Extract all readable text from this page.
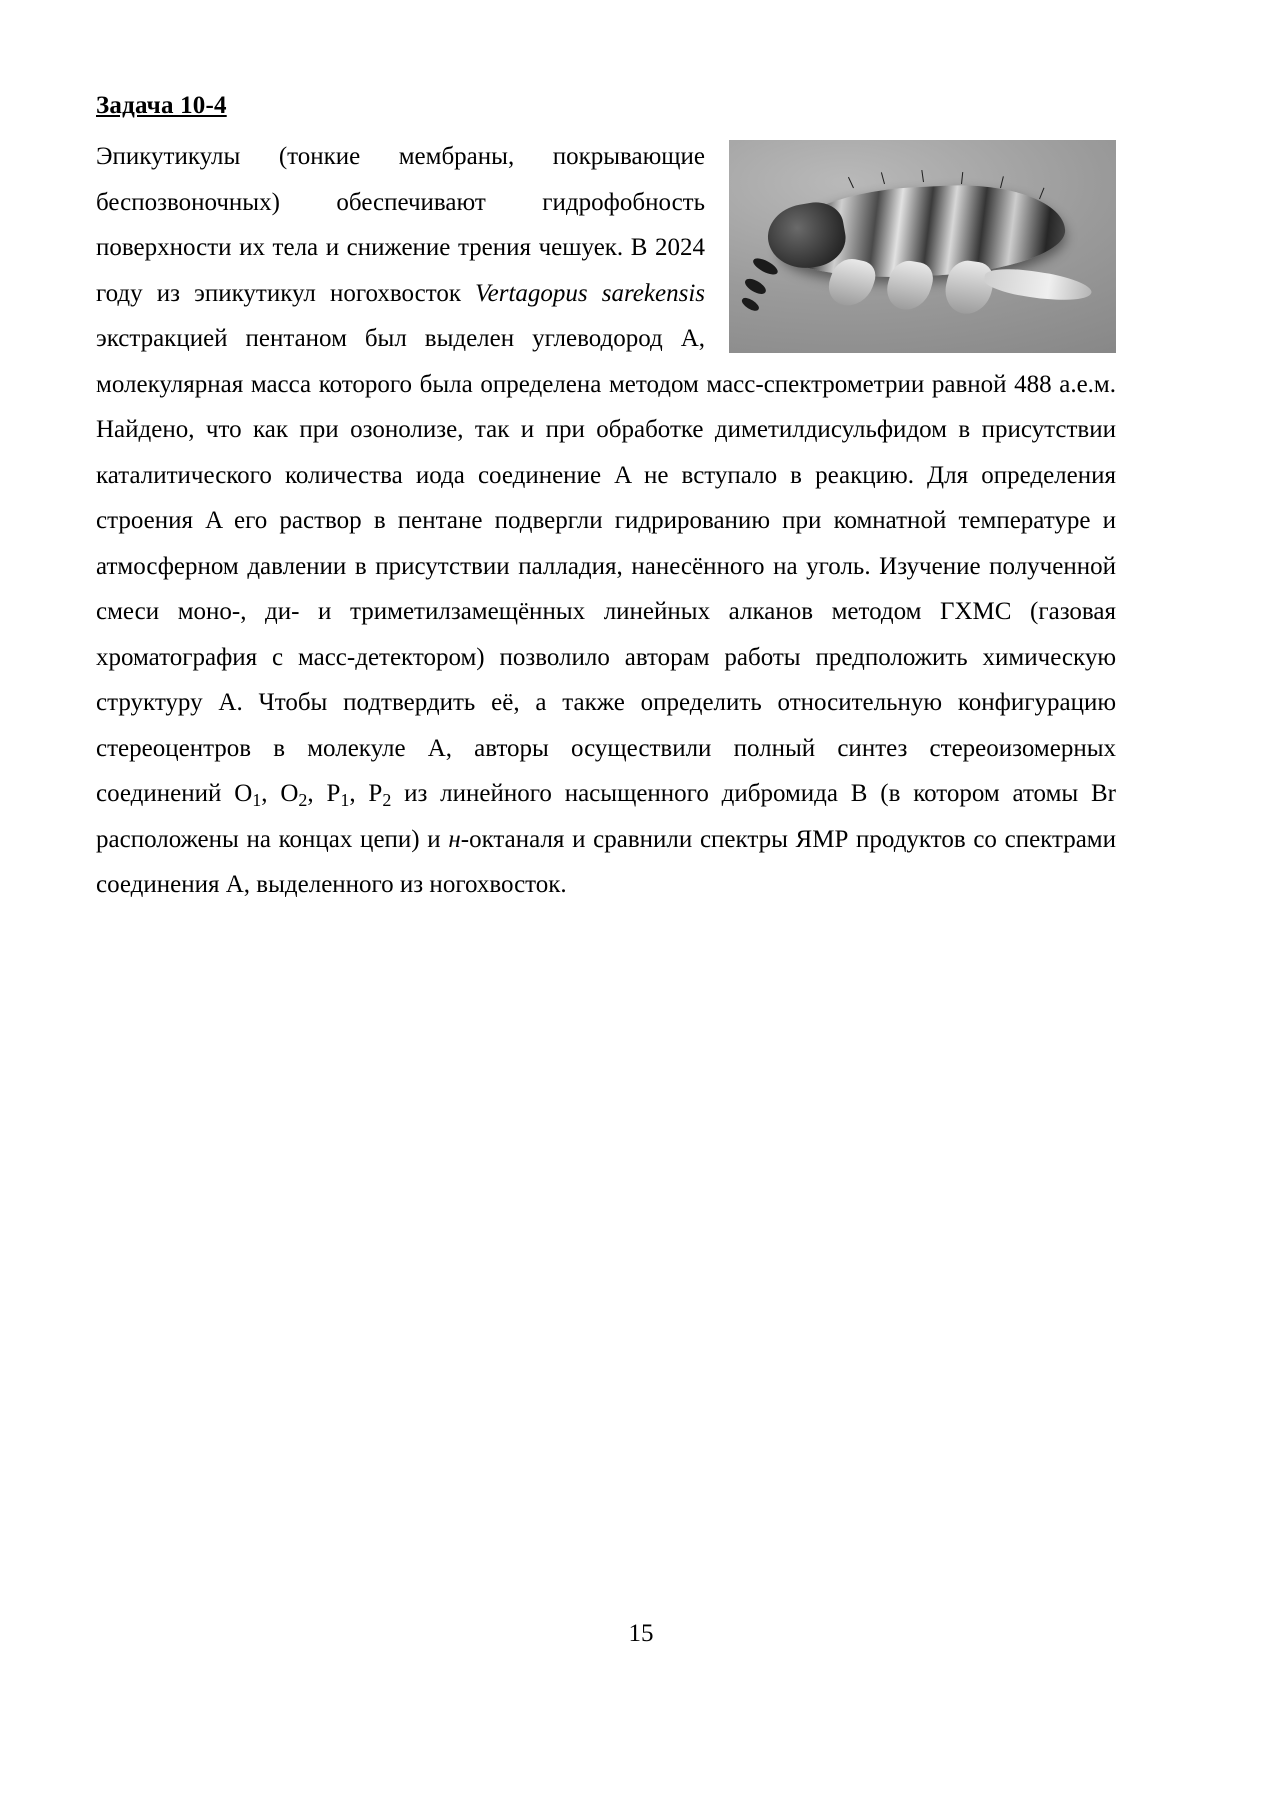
Задача 10-4

Эпикутикулы (тонкие мембраны, покрывающие беспозвоночных) обеспечивают гидрофобность поверхности их тела и снижение трения чешуек. В 2024 году из эпикутикул ногохвосток Vertagopus sarekensis экстракцией пентаном был выделен углеводород A, молекулярная масса которого была определена методом масс-спектрометрии равной 488 а.е.м. Найдено, что как при озонолизе, так и при обработке диметилдисульфидом в присутствии каталитического количества иода соединение A не вступало в реакцию. Для определения строения A его раствор в пентане подвергли гидрированию при комнатной температуре и атмосферном давлении в присутствии палладия, нанесённого на уголь. Изучение полученной смеси моно-, ди- и триметилзамещённых линейных алканов методом ГХМС (газовая хроматография с масс-детектором) позволило авторам работы предположить химическую структуру A. Чтобы подтвердить её, а также определить относительную конфигурацию стереоцентров в молекуле A, авторы осуществили полный синтез стереоизомерных соединений $O_1$, $O_2$, $P_1$, $P_2$ из линейного насыщенного дибромида B (в котором атомы Br расположены на концах цепи) и н-октаналя и сравнили спектры ЯМР продуктов со спектрами соединения A, выделенного из ногохвосток.

15
